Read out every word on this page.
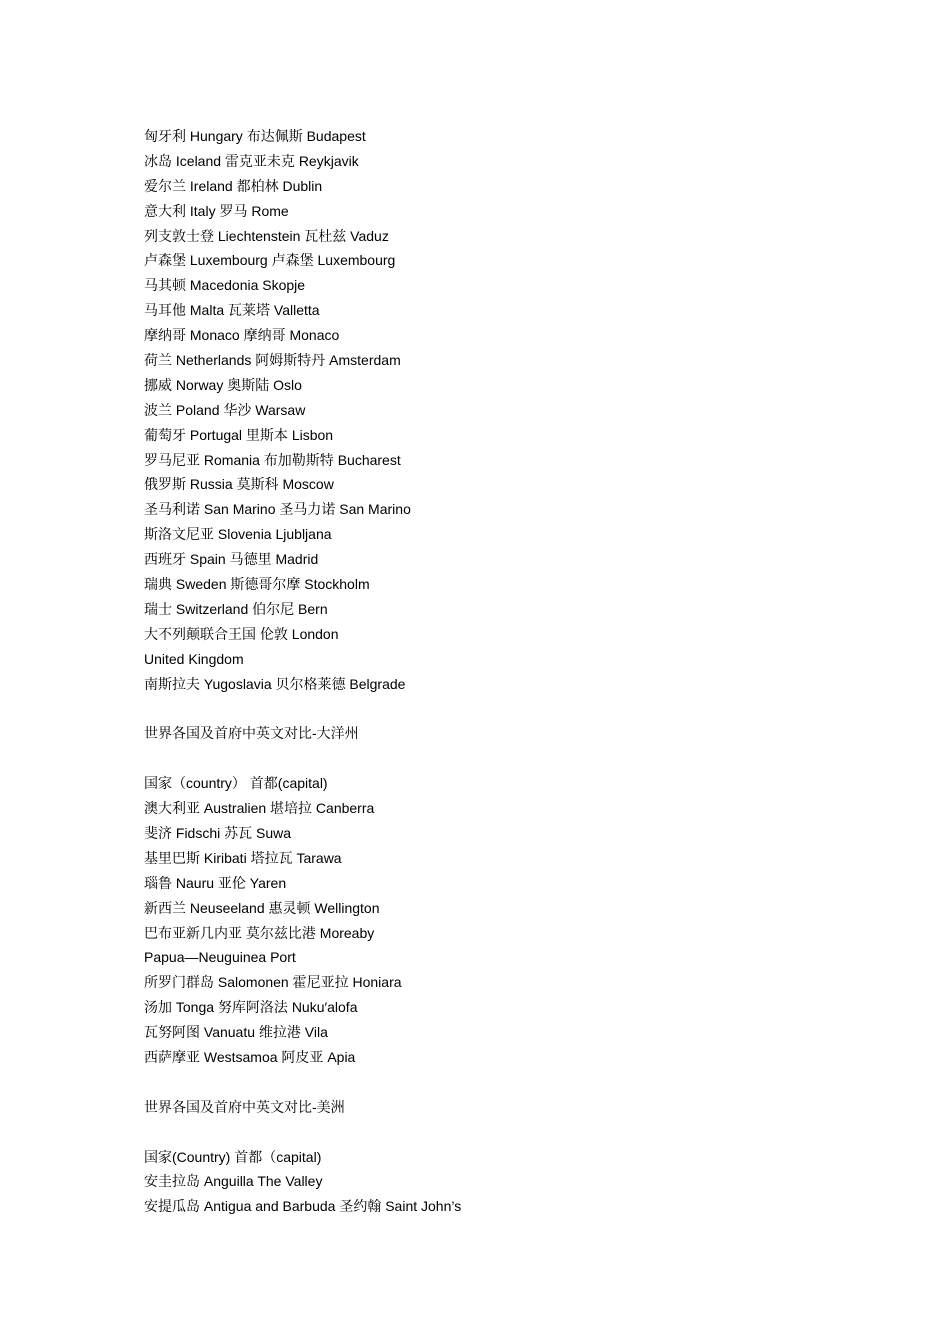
匈牙利 Hungary 布达佩斯 Budapest
冰岛 Iceland 雷克亚未克 Reykjavik
爱尔兰 Ireland 都柏林 Dublin
意大利 Italy 罗马 Rome
列支敦士登 Liechtenstein 瓦杜兹 Vaduz
卢森堡 Luxembourg 卢森堡 Luxembourg
马其顿 Macedonia Skopje
马耳他 Malta 瓦莱塔 Valletta
摩纳哥 Monaco 摩纳哥 Monaco
荷兰 Netherlands 阿姆斯特丹 Amsterdam
挪威 Norway 奥斯陆 Oslo
波兰 Poland 华沙 Warsaw
葡萄牙 Portugal 里斯本 Lisbon
罗马尼亚 Romania 布加勒斯特 Bucharest
俄罗斯 Russia 莫斯科 Moscow
圣马利诺 San Marino 圣马力诺 San Marino
斯洛文尼亚 Slovenia Ljubljana
西班牙 Spain 马德里 Madrid
瑞典 Sweden 斯德哥尔摩 Stockholm
瑞士 Switzerland 伯尔尼 Bern
大不列颠联合王国 伦敦 London
United Kingdom
南斯拉夫 Yugoslavia 贝尔格莱德 Belgrade
世界各国及首府中英文对比-大洋州
国家（country） 首都(capital)
澳大利亚 Australien 堪培拉 Canberra
斐济 Fidschi 苏瓦 Suwa
基里巴斯 Kiribati 塔拉瓦 Tarawa
瑙鲁 Nauru 亚伦 Yaren
新西兰 Neuseeland 惠灵顿 Wellington
巴布亚新几内亚 莫尔兹比港 Moreaby
Papua—Neuguinea Port
所罗门群岛 Salomonen 霍尼亚拉 Honiara
汤加 Tonga 努库阿洛法 Nuku′alofa
瓦努阿图 Vanuatu 维拉港 Vila
西萨摩亚 Westsamoa 阿皮亚 Apia
世界各国及首府中英文对比-美洲
国家(Country) 首都（capital)
安圭拉岛 Anguilla The Valley
安提瓜岛 Antigua and Barbuda 圣约翰 Saint John’s
